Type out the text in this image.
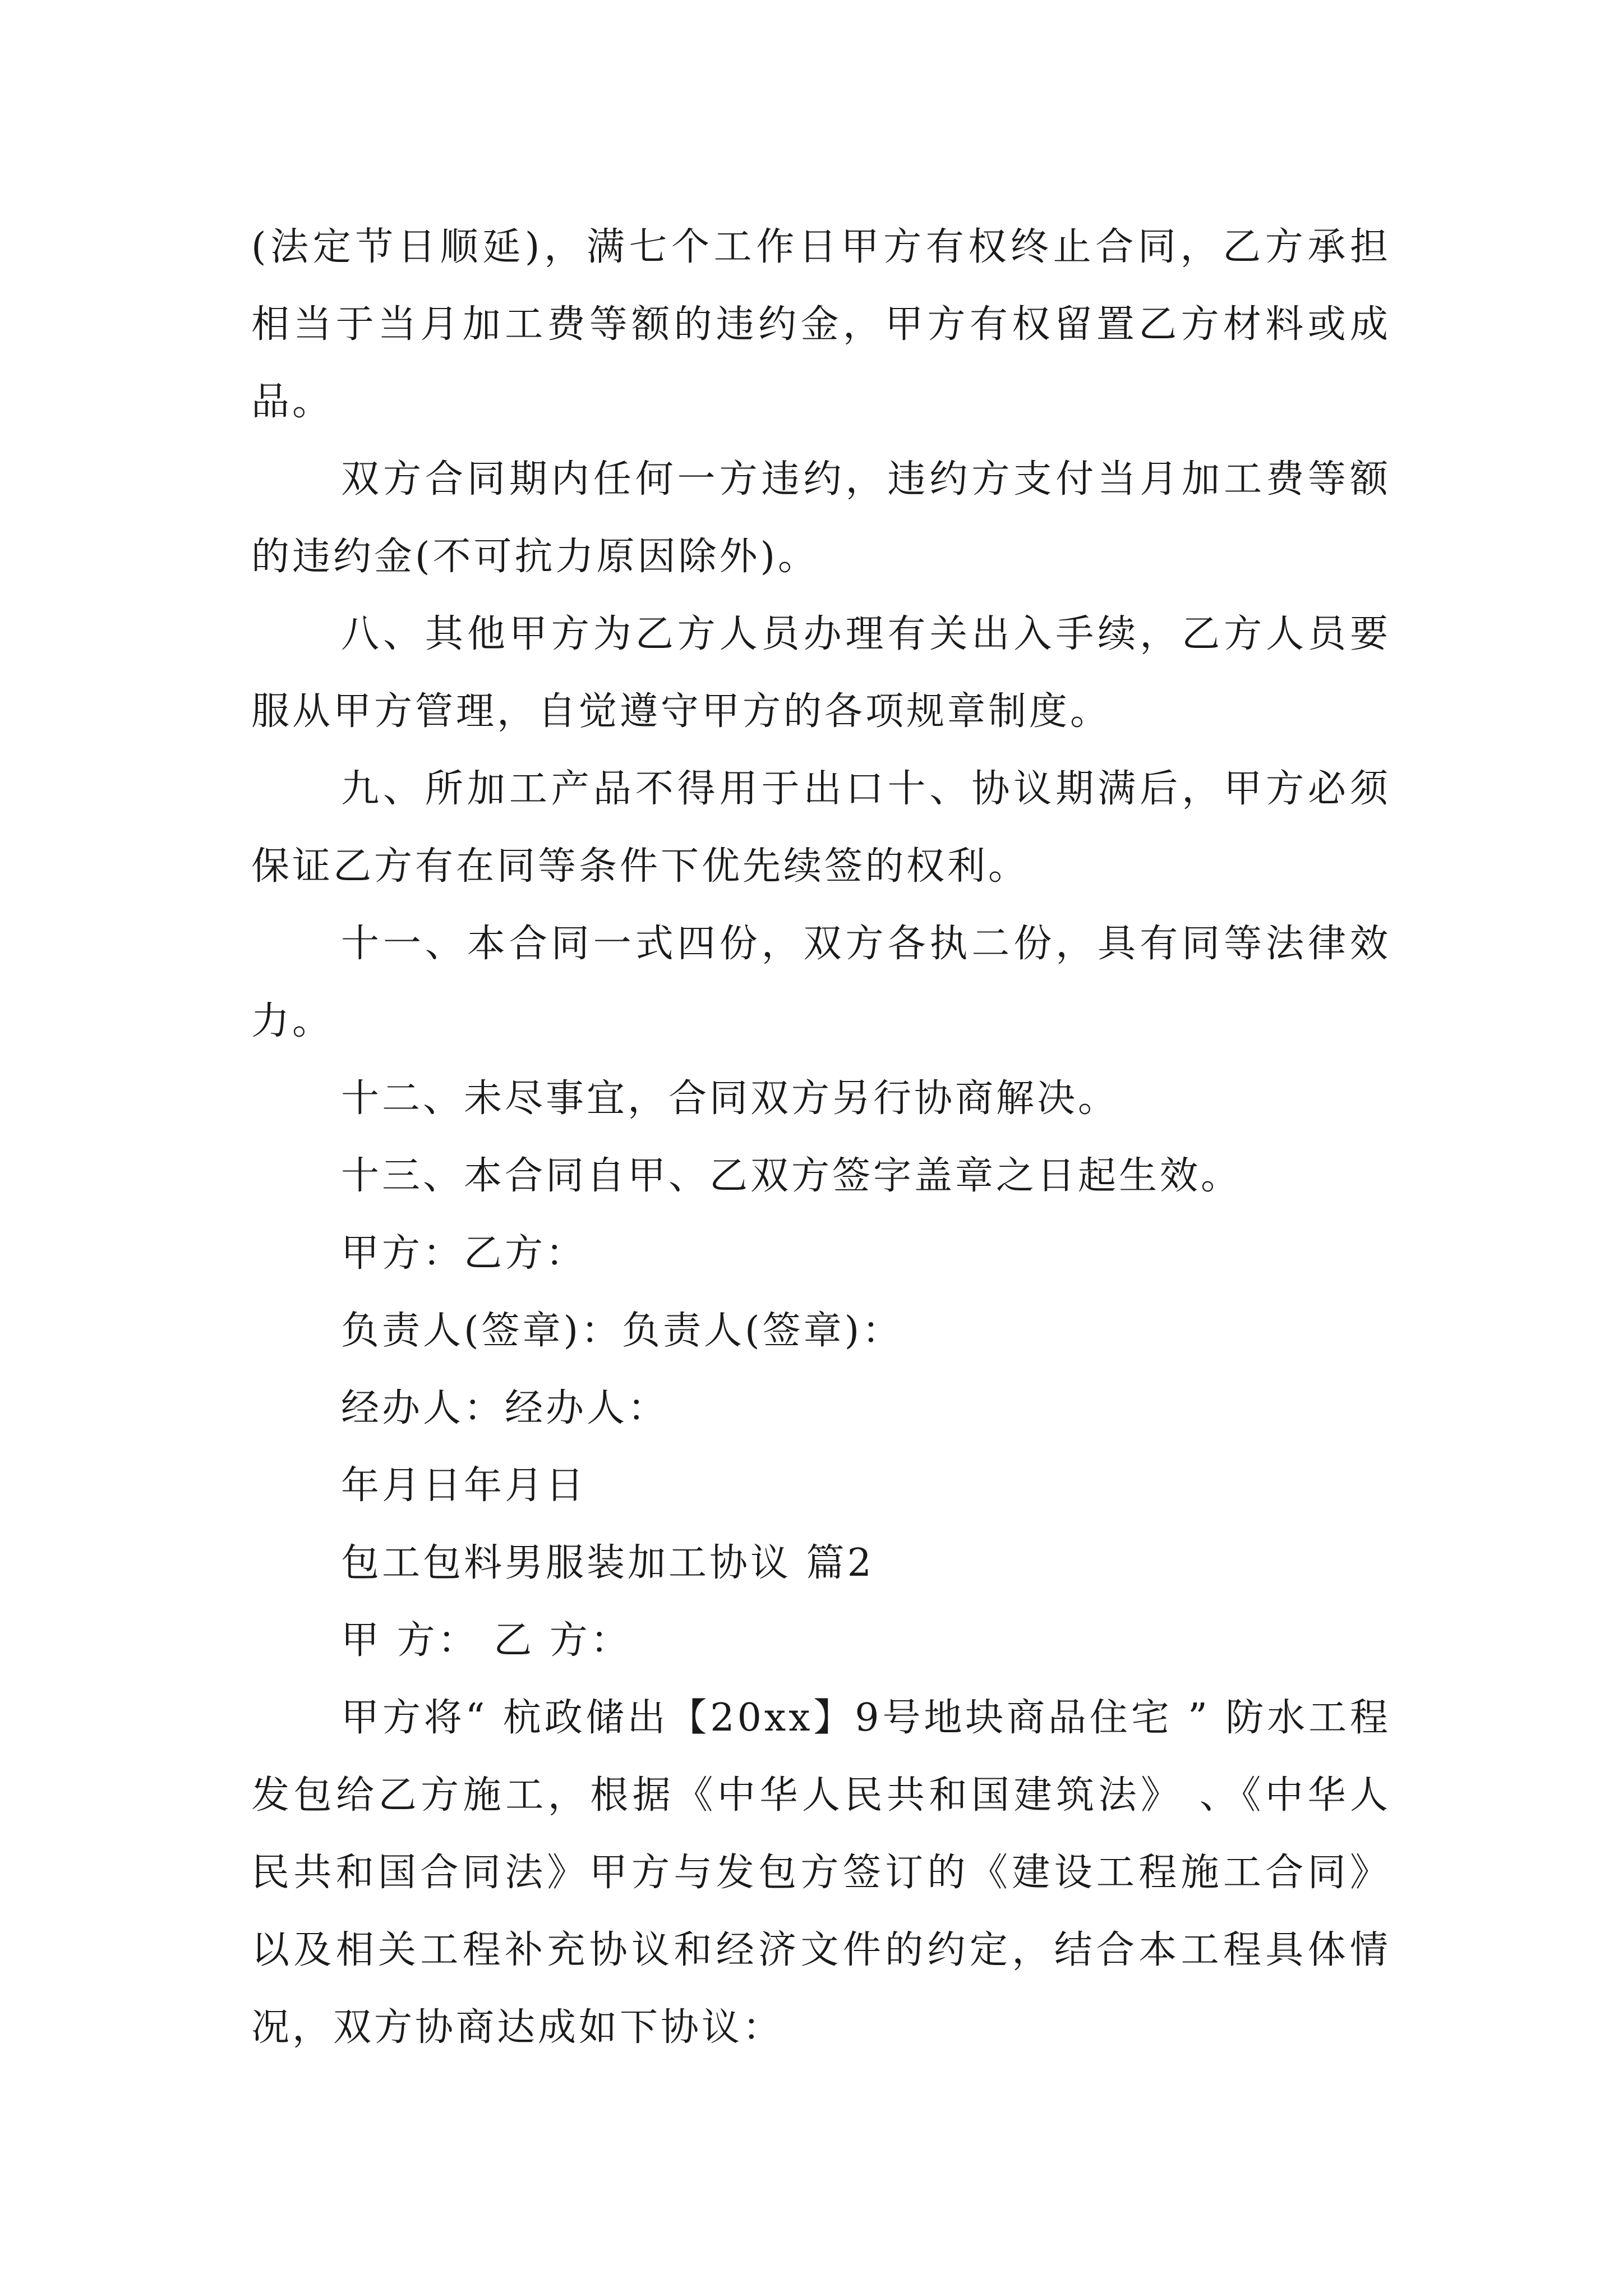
(法定节日顺延)，满七个工作日甲方有权终止合同，乙方承担相当于当月加工费等额的违约金，甲方有权留置乙方材料或成品。

双方合同期内任何一方违约，违约方支付当月加工费等额的违约金(不可抗力原因除外)。

八、其他甲方为乙方人员办理有关出入手续，乙方人员要服从甲方管理，自觉遵守甲方的各项规章制度。

九、所加工产品不得用于出口十、协议期满后，甲方必须保证乙方有在同等条件下优先续签的权利。

十一、本合同一式四份，双方各执二份，具有同等法律效力。

十二、未尽事宜，合同双方另行协商解决。

十三、本合同自甲、乙双方签字盖章之日起生效。

甲方：乙方：

负责人(签章)：负责人(签章)：

经办人：经办人：

年月日年月日

包工包料男服装加工协议 篇2

甲 方： 乙 方：

甲方将“ 杭政储出【20xx】9号地块商品住宅 ” 防水工程发包给乙方施工，根据《中华人民共和国建筑法》 、《中华人民共和国合同法》甲方与发包方签订的《建设工程施工合同》以及相关工程补充协议和经济文件的约定，结合本工程具体情况，双方协商达成如下协议：
